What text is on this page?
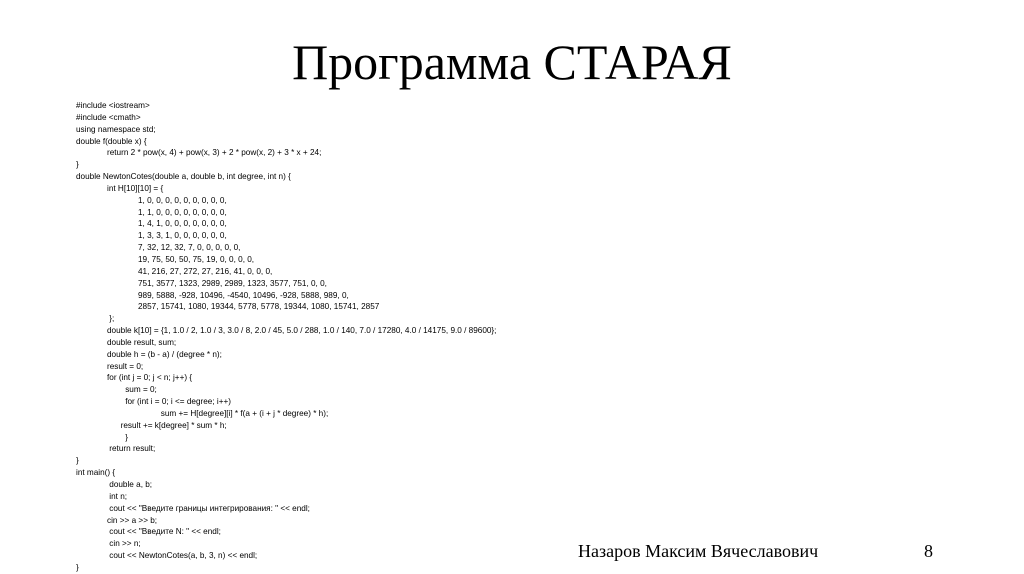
Программа СТАРАЯ
#include <iostream>
#include <cmath>
using namespace std;
double f(double x) {
return 2 * pow(x, 4) + pow(x, 3) + 2 * pow(x, 2) + 3 * x + 24;
}
double NewtonCotes(double a, double b, int degree, int n) {
int H[10][10] = {
1, 0, 0, 0, 0, 0, 0, 0, 0, 0,
1, 1, 0, 0, 0, 0, 0, 0, 0, 0,
1, 4, 1, 0, 0, 0, 0, 0, 0, 0,
1, 3, 3, 1, 0, 0, 0, 0, 0, 0,
7, 32, 12, 32, 7, 0, 0, 0, 0, 0,
19, 75, 50, 50, 75, 19, 0, 0, 0, 0,
41, 216, 27, 272, 27, 216, 41, 0, 0, 0,
751, 3577, 1323, 2989, 2989, 1323, 3577, 751, 0, 0,
989, 5888, -928, 10496, -4540, 10496, -928, 5888, 989, 0,
2857, 15741, 1080, 19344, 5778, 5778, 19344, 1080, 15741, 2857
};
double k[10] = {1, 1.0 / 2, 1.0 / 3, 3.0 / 8, 2.0 / 45, 5.0 / 288, 1.0 / 140, 7.0 / 17280, 4.0 / 14175, 9.0 / 89600};
double result, sum;
double h = (b - a) / (degree * n);
result = 0;
for (int j = 0; j < n; j++) {
sum = 0;
for (int i = 0; i <= degree; i++)
sum += H[degree][i] * f(a + (i + j * degree) * h);
result += k[degree] * sum * h;
}
return result;
}
int main() {
double a, b;
int n;
cout << "Введите границы интегрирования: " << endl;
cin >> a >> b;
cout << "Введите N: " << endl;
cin >> n;
cout << NewtonCotes(a, b, 3, n) << endl;
}
Назаров Максим Вячеславович	8
